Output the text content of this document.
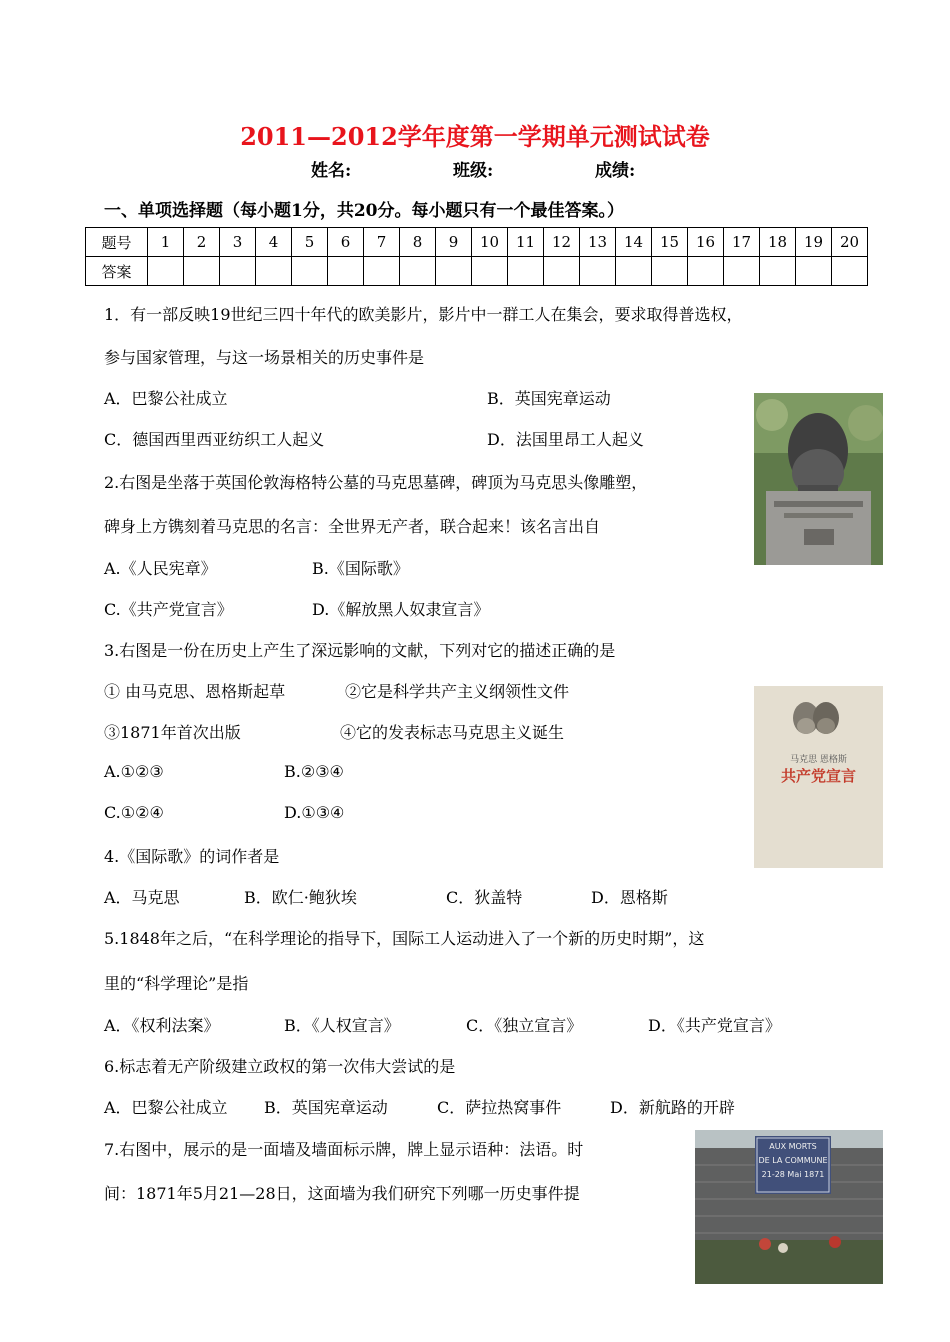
2011—2012学年度第一学期单元测试试卷
姓名:	班级:	成绩:
一、单项选择题（每小题1分，共20分。每小题只有一个最佳答案。）
题号	1	2	3	4	5	6	7	8	9	10	11	12	13	14	15	16	17	18	19	20
答案																				
1．有一部反映19世纪三四十年代的欧美影片，影片中一群工人在集会，要求取得普选权，
参与国家管理，与这一场景相关的历史事件是
A．巴黎公社成立	B．英国宪章运动
C．德国西里西亚纺织工人起义	D．法国里昂工人起义
2.右图是坐落于英国伦敦海格特公墓的马克思墓碑，碑顶为马克思头像雕塑，
碑身上方镌刻着马克思的名言：全世界无产者，联合起来！该名言出自
A.《人民宪章》	B.《国际歌》
C.《共产党宣言》	D.《解放黑人奴隶宣言》
3.右图是一份在历史上产生了深远影响的文献，下列对它的描述正确的是
① 由马克思、恩格斯起草	②它是科学共产主义纲领性文件
③1871年首次出版	④它的发表标志马克思主义诞生
A.①②③	B.②③④
C.①②④	D.①③④
4.《国际歌》的词作者是
A．马克思	B．欧仁·鲍狄埃	C．狄盖特	D．恩格斯
5.1848年之后，“在科学理论的指导下，国际工人运动进入了一个新的历史时期”，这
里的“科学理论”是指
A．《权利法案》	B．《人权宣言》	C．《独立宣言》	D．《共产党宣言》
6.标志着无产阶级建立政权的第一次伟大尝试的是
A．巴黎公社成立 B．英国宪章运动	C．萨拉热窝事件	D．新航路的开辟
7.右图中，展示的是一面墙及墙面标示牌，牌上显示语种：法语。时
间：1871年5月21—28日，这面墙为我们研究下列哪一历史事件提
马克思 恩格斯
共产党宣言
AUX MORTS
DE LA COMMUNE
21-28 Mai 1871
